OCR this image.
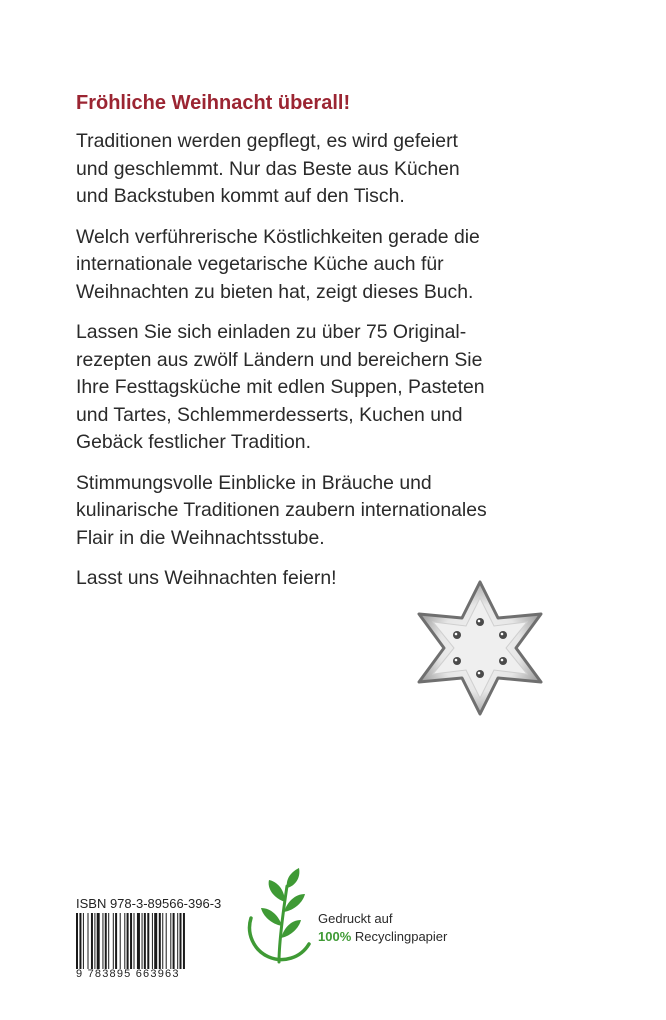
Fröhliche Weihnacht überall!

Traditionen werden gepflegt, es wird gefeiert und geschlemmt. Nur das Beste aus Küchen und Backstuben kommt auf den Tisch.

Welch verführerische Köstlichkeiten gerade die internationale vegetarische Küche auch für Weihnachten zu bieten hat, zeigt dieses Buch.

Lassen Sie sich einladen zu über 75 Original-rezepten aus zwölf Ländern und bereichern Sie Ihre Festtagsküche mit edlen Suppen, Pasteten und Tartes, Schlemmerdesserts, Kuchen und Gebäck festlicher Tradition.

Stimmungsvolle Einblicke in Bräuche und kulinarische Traditionen zaubern internationales Flair in die Weihnachtsstube.

Lasst uns Weihnachten feiern!

ISBN 978-3-89566-396-3
9 783895 663963
Gedruckt auf
100% Recyclingpapier
